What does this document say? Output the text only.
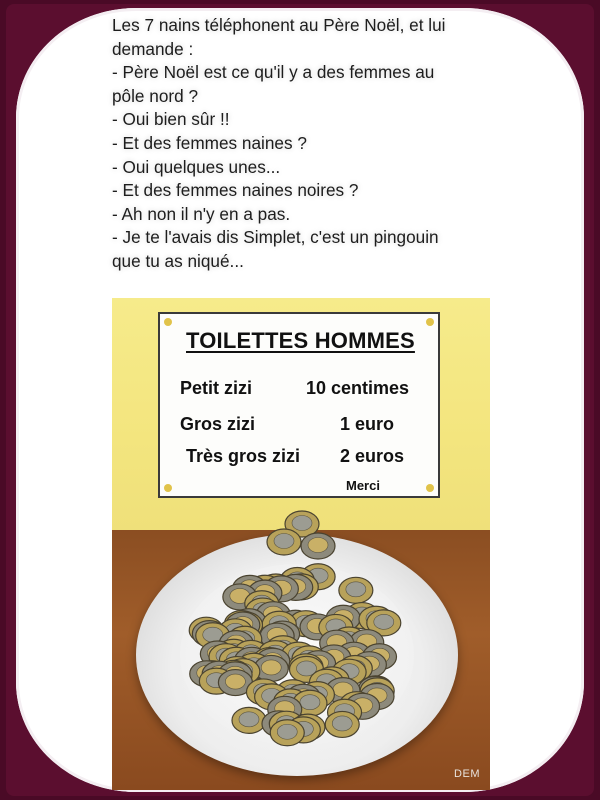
Les 7 nains téléphonent au Père Noël, et lui
demande :
- Père Noël est ce qu'il y a des femmes au
pôle nord ?
- Oui bien sûr !!
- Et des femmes naines ?
- Oui quelques unes...
- Et des femmes naines noires ?
- Ah non il n'y en a pas.
- Je te l'avais dis Simplet, c'est un pingouin
que tu as niqué...
TOILETTES HOMMES
Petit zizi	10 centimes
Gros zizi	1 euro
Très gros zizi 2 euros
Merci
DEM
